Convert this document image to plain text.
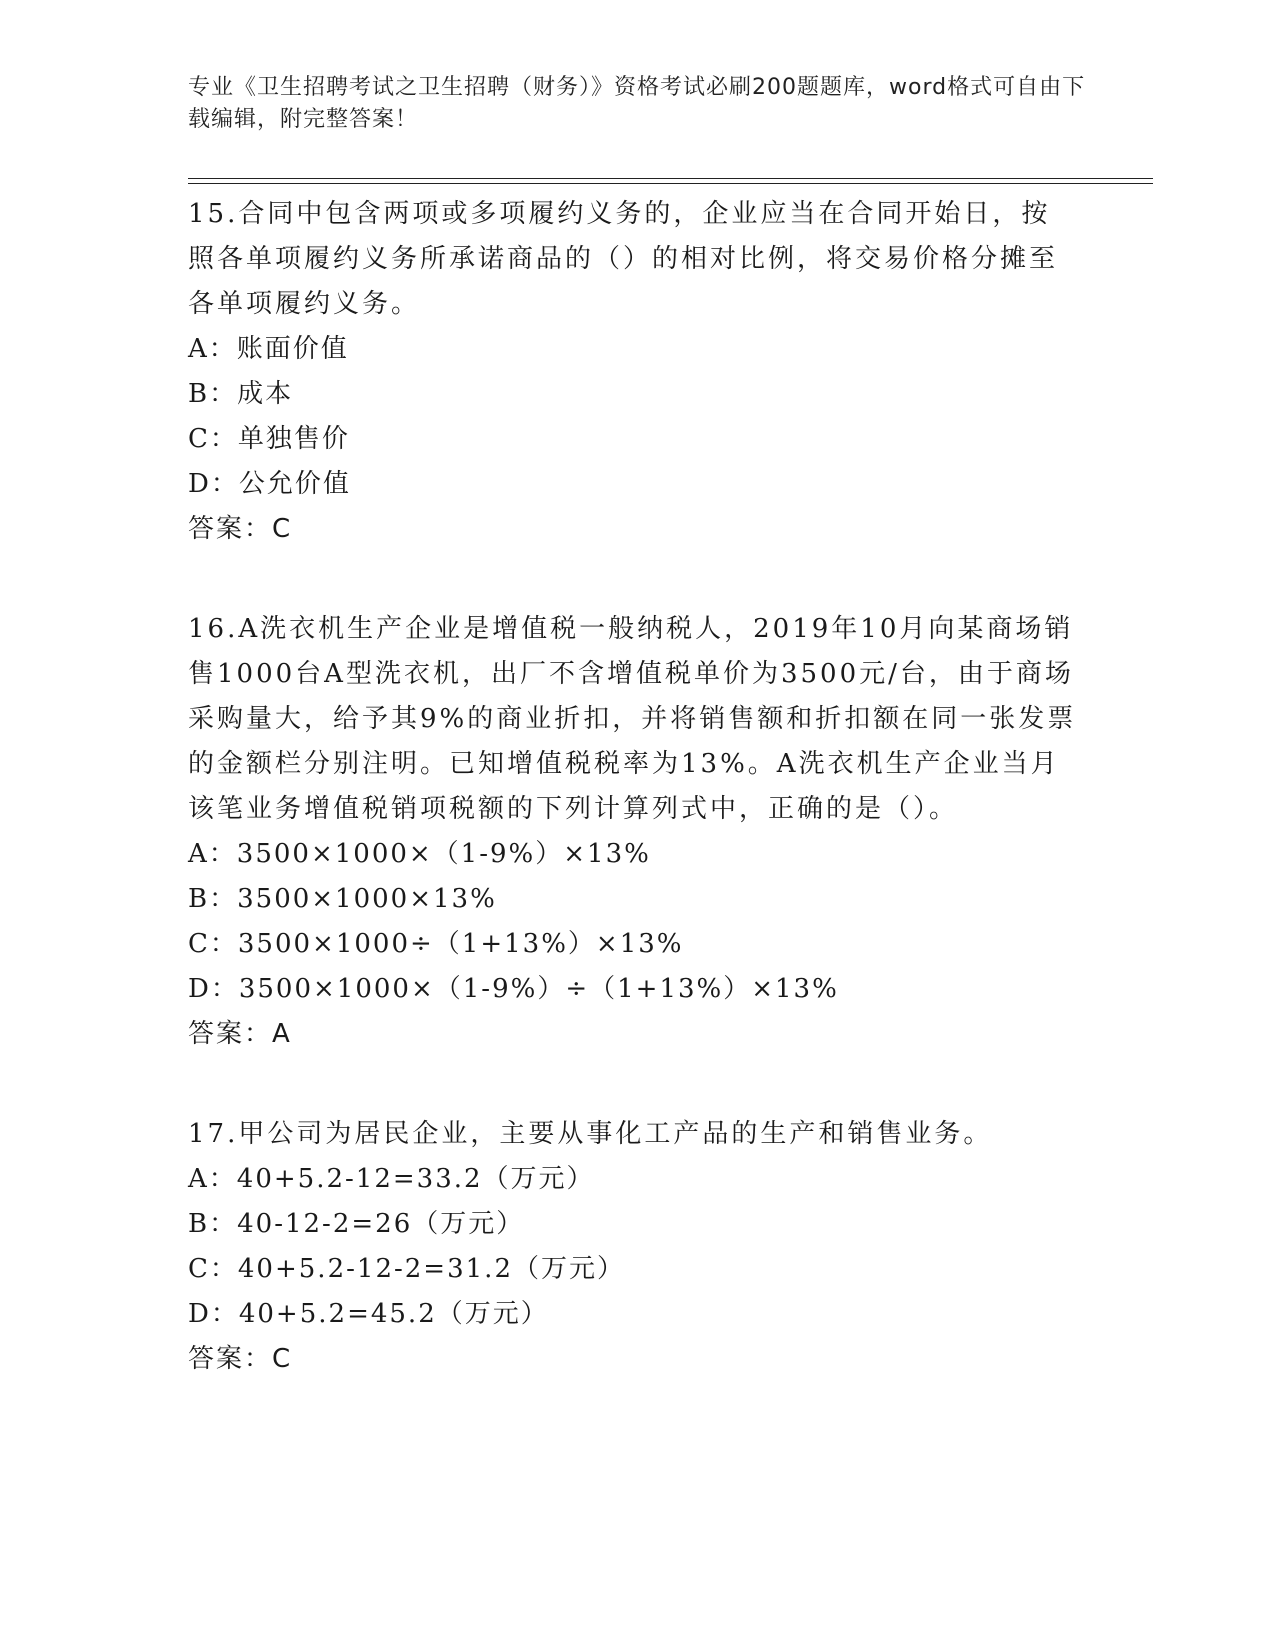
专业《卫生招聘考试之卫生招聘（财务）》资格考试必刷200题题库，word格式可自由下载编辑，附完整答案！

15.合同中包含两项或多项履约义务的，企业应当在合同开始日，按照各单项履约义务所承诺商品的（）的相对比例，将交易价格分摊至各单项履约义务。

A：账面价值

B：成本

C：单独售价

D：公允价值

答案：C

16.A洗衣机生产企业是增值税一般纳税人，2019年10月向某商场销售1000台A型洗衣机，出厂不含增值税单价为3500元/台，由于商场采购量大，给予其9%的商业折扣，并将销售额和折扣额在同一张发票的金额栏分别注明。已知增值税税率为13%。A洗衣机生产企业当月该笔业务增值税销项税额的下列计算列式中，正确的是（）。

A：3500×1000×（1-9%）×13%

B：3500×1000×13%

C：3500×1000÷（1+13%）×13%

D：3500×1000×（1-9%）÷（1+13%）×13%

答案：A

17.甲公司为居民企业，主要从事化工产品的生产和销售业务。

A：40+5.2-12=33.2（万元）

B：40-12-2=26（万元）

C：40+5.2-12-2=31.2（万元）

D：40+5.2=45.2（万元）

答案：C
